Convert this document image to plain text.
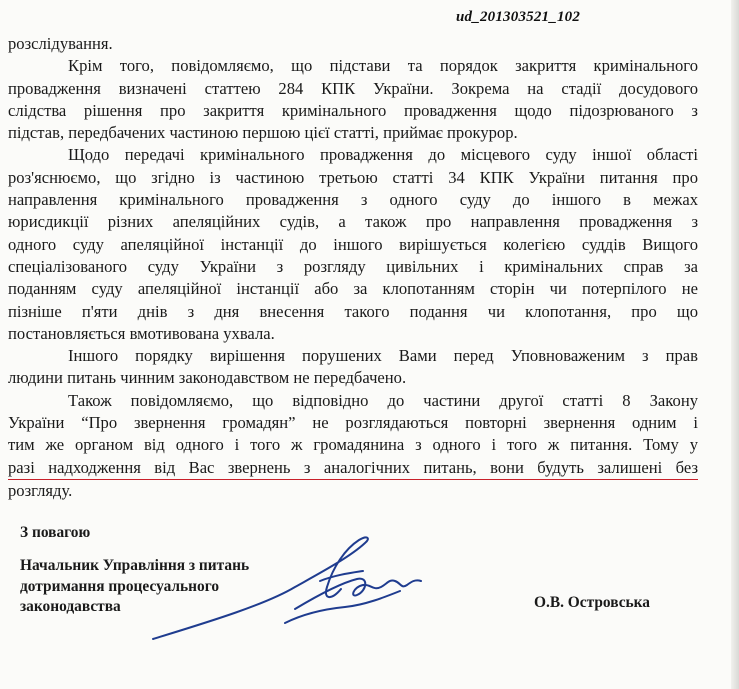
ud_201303521_102

розслідування.

Крім того, повідомляємо, що підстави та порядок закриття кримінального
провадження визначені статтею 284 КПК України. Зокрема на стадії досудового
слідства рішення про закриття кримінального провадження щодо підозрюваного з
підстав, передбачених частиною першою цієї статті, приймає прокурор.

Щодо передачі кримінального провадження до місцевого суду іншої області
роз'яснюємо, що згідно із частиною третьою статті 34 КПК України питання про
направлення кримінального провадження з одного суду до іншого в межах
юрисдикції різних апеляційних судів, а також про направлення провадження з
одного суду апеляційної інстанції до іншого вирішується колегією суддів Вищого
спеціалізованого суду України з розгляду цивільних і кримінальних справ за
поданням суду апеляційної інстанції або за клопотанням сторін чи потерпілого не
пізніше п'яти днів з дня внесення такого подання чи клопотання, про що
постановляється вмотивована ухвала.

Іншого порядку вирішення порушених Вами перед Уповноваженим з прав
людини питань чинним законодавством не передбачено.

Також повідомляємо, що відповідно до частини другої статті 8 Закону
України “Про звернення громадян” не розглядаються повторні звернення одним і
тим же органом від одного і того ж громадянина з одного і того ж питання. Тому у
разі надходження від Вас звернень з аналогічних питань, вони будуть залишені без
розгляду.

З повагою
Начальник Управління з питань
дотримання процесуального
законодавства	О.В. Островська
